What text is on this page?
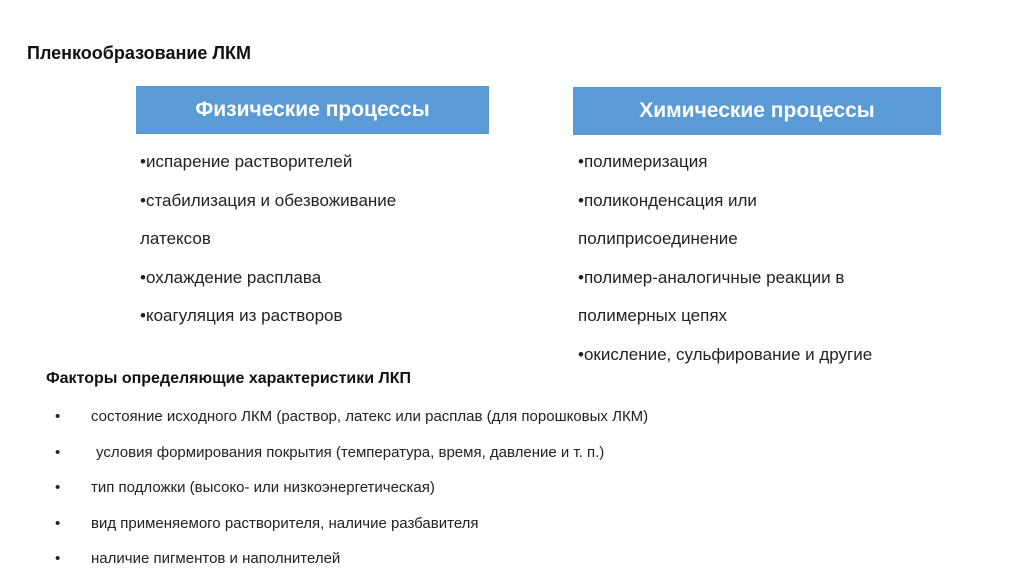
Пленкообразование ЛКМ
Физические процессы	Химические процессы
•испарение растворителей
•стабилизация и обезвоживание
латексов
•охлаждение расплава
•коагуляция из растворов
•полимеризация
•поликонденсация или
полиприсоединение
•полимер-аналогичные реакции в
полимерных цепях
•окисление, сульфирование и другие
Факторы определяющие характеристики ЛКП
• состояние исходного ЛКМ (раствор, латекс или расплав (для порошковых ЛКМ)
• условия формирования покрытия (температура, время, давление и т. п.)
• тип подложки (высоко- или низкоэнергетическая)
• вид применяемого растворителя, наличие разбавителя
• наличие пигментов и наполнителей
